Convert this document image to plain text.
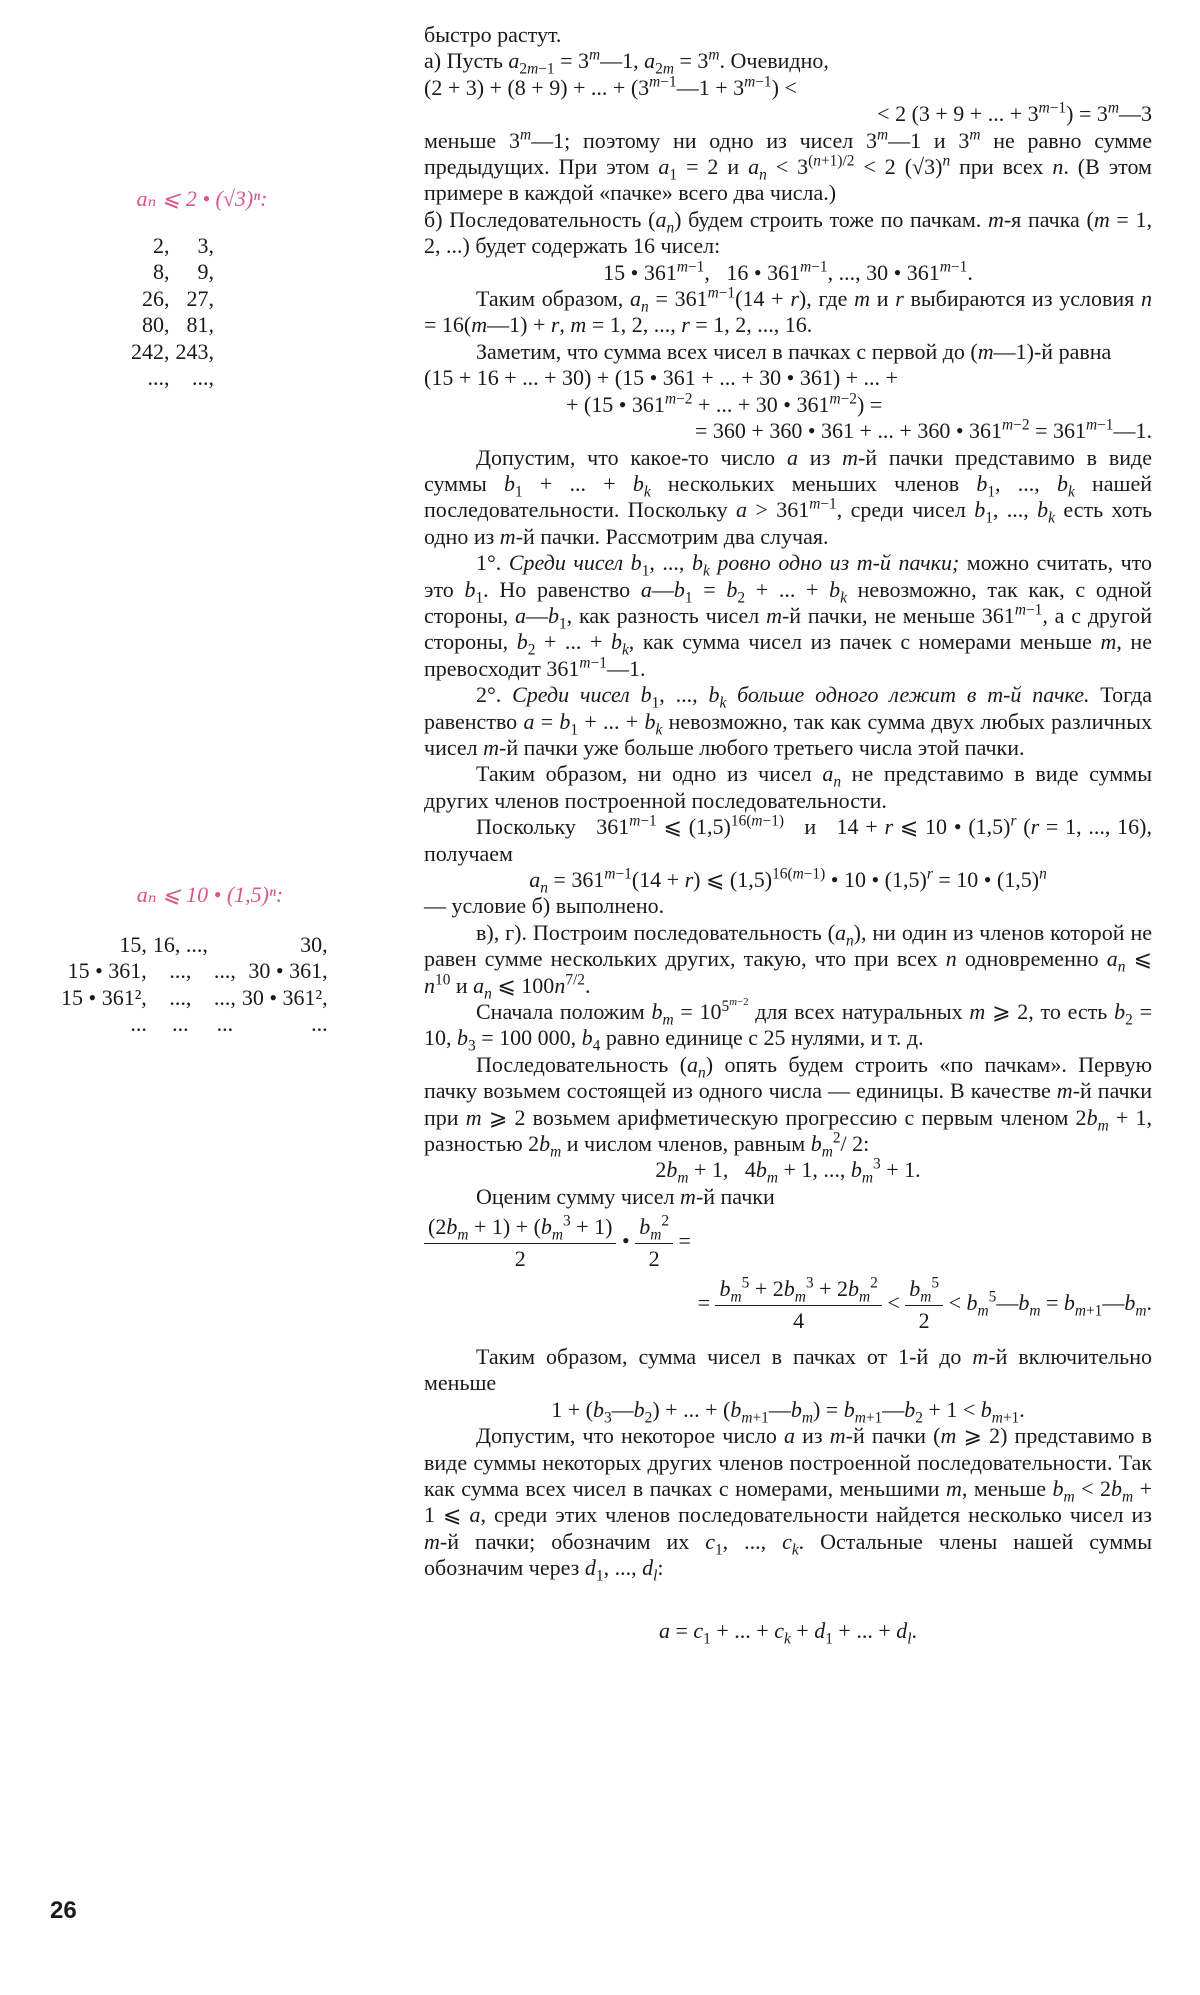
aₙ ⩽ 2 • (√3)ⁿ:
2,	3,
8,	9,
26,	27,
80,	81,
242,	243,
...,	...,
aₙ ⩽ 10 • (1,5)ⁿ:
15,	16, ...,		30,
15 • 361,	...,	...,	30 • 361,
15 • 361²,	...,	...,	30 • 361²,
...	...	...	...

быстро растут.

а) Пусть $a_{2m-1}$ = $3^m—1$, $a_{2m} = 3^m$. Очевидно,

(2 + 3) + (8 + 9) + ... + $(3^{m-1}—1 + 3^{m-1})$ <

< 2 (3 + 9 + ... + $3^{m-1}$) = $3^m—3$

меньше 3$^m$—1; поэтому ни одно из чисел 3$^m$—1 и 3$^m$ не равно сумме предыдущих. При этом $a_1 = 2$ и $a_n < 3^{(n+1)/2} < 2$ $(√3)^n$ при всех n. (В этом примере в каждой «пачке» всего два числа.)

б) Последовательность $(a_n)$ будем строить тоже по пачкам. m-я пачка (m = 1, 2, ...) будет содержать 16 чисел:

15 • $361^{m-1}$,   16 • $361^{m-1}$, ..., 30 • $361^{m-1}$.

Таким образом, $a_n = 361^{m-1}(14 + r)$, где m и r выбираются из условия n = 16(m—1) + r, m = 1, 2, ..., r = 1, 2, ..., 16.

Заметим, что сумма всех чисел в пачках с первой до (m—1)-й равна

(15 + 16 + ... + 30) + (15 • 361 + ... + 30 • 361) + ... +

+ (15 • $361^{m-2}$ + ... + 30 • $361^{m-2}$) =

= 360 + 360 • 361 + ... + 360 • $361^{m-2}$ = $361^{m-1}—1$.

Допустим, что какое-то число a из m-й пачки представимо в виде суммы $b_1$ + ... + $b_k$ нескольких меньших членов $b_1$, ..., $b_k$ нашей последовательности. Поскольку $a > 361^{m-1}$, среди чисел $b_1$, ..., $b_k$ есть хоть одно из m-й пачки. Рассмотрим два случая.

1°. Среди чисел $b_1$, ..., $b_k$ ровно одно из m-й пачки; можно считать, что это $b_1$. Но равенство $a—b_1 = b_2$ + ... + $b_k$ невозможно, так как, с одной стороны, $a—b_1$, как разность чисел m-й пачки, не меньше $361^{m-1}$, а с другой стороны, $b_2$ + ... + $b_k$, как сумма чисел из пачек с номерами меньше m, не превосходит $361^{m-1}—1$.

2°. Среди чисел $b_1$, ..., $b_k$ больше одного лежит в m-й пачке. Тогда равенство $a = b_1$ + ... + $b_k$ невозможно, так как сумма двух любых различных чисел m-й пачки уже больше любого третьего числа этой пачки.

Таким образом, ни одно из чисел $a_n$ не представимо в виде суммы других членов построенной последовательности.

Поскольку   $361^{m-1}$ ⩽ $(1,5)^{16(m-1)}$   и   14 + r ⩽ 10 • $(1,5)^r$ (r = 1, ..., 16), получаем

$a_n = 361^{m-1}(14 + r)$ ⩽ $(1,5)^{16(m-1)}$ • 10 • $(1,5)^r = 10$ • $(1,5)^n$

— условие б) выполнено.

в), г). Построим последовательность $(a_n)$, ни один из членов которой не равен сумме нескольких других, такую, что при всех n одновременно $a_n$ ⩽ $n^{10}$ и $a_n$ ⩽ $100n^{7/2}$.

Сначала положим $b_m = 10^{5^{m-2}}$ для всех натуральных m ⩾ 2, то есть $b_2 = 10$, $b_3 = 100$ 000, $b_4$ равно единице с 25 нулями, и т. д.

Последовательность $(a_n)$ опять будем строить «по пачкам». Первую пачку возьмем состоящей из одного числа — единицы. В качестве m-й пачки при m ⩾ 2 возьмем арифметическую прогрессию с первым членом $2b_m + 1$, разностью $2b_m$ и числом членов, равным $b_m^2/$ 2:

$2b_m + 1$,   $4b_m + 1$, ..., $b_m^3 + 1$.

Оценим сумму чисел m-й пачки

$\frac{(2b_m + 1) + (b_m^3 + 1)}{2}$ • $\frac{b_m^2}{2}$ =

= $\frac{b_m^5 + 2b_m^3 + 2b_m^2}{4} < \frac{b_m^5}{2}$ < $b_m^5—b_m$ = $b_{m+1}—b_m$.

Таким образом, сумма чисел в пачках от 1-й до m-й включительно меньше

$1 + (b_3—b_2)$ + ... + $(b_{m+1}—b_m)$ = $b_{m+1}—b_2 + 1 < b_{m+1}$.

Допустим, что некоторое число a из m-й пачки (m ⩾ 2) представимо в виде суммы некоторых других членов построенной последовательности. Так как сумма всех чисел в пачках с номерами, меньшими m, меньше $b_m < 2b_m + 1$ ⩽ a, среди этих членов последовательности найдется несколько чисел из m-й пачки; обозначим их $c_1$, ..., $c_k$. Остальные члены нашей суммы обозначим через $d_1$, ..., $d_l$:

$a = c_1$ + ... + $c_k + d_1$ + ... + $d_l$.

26
